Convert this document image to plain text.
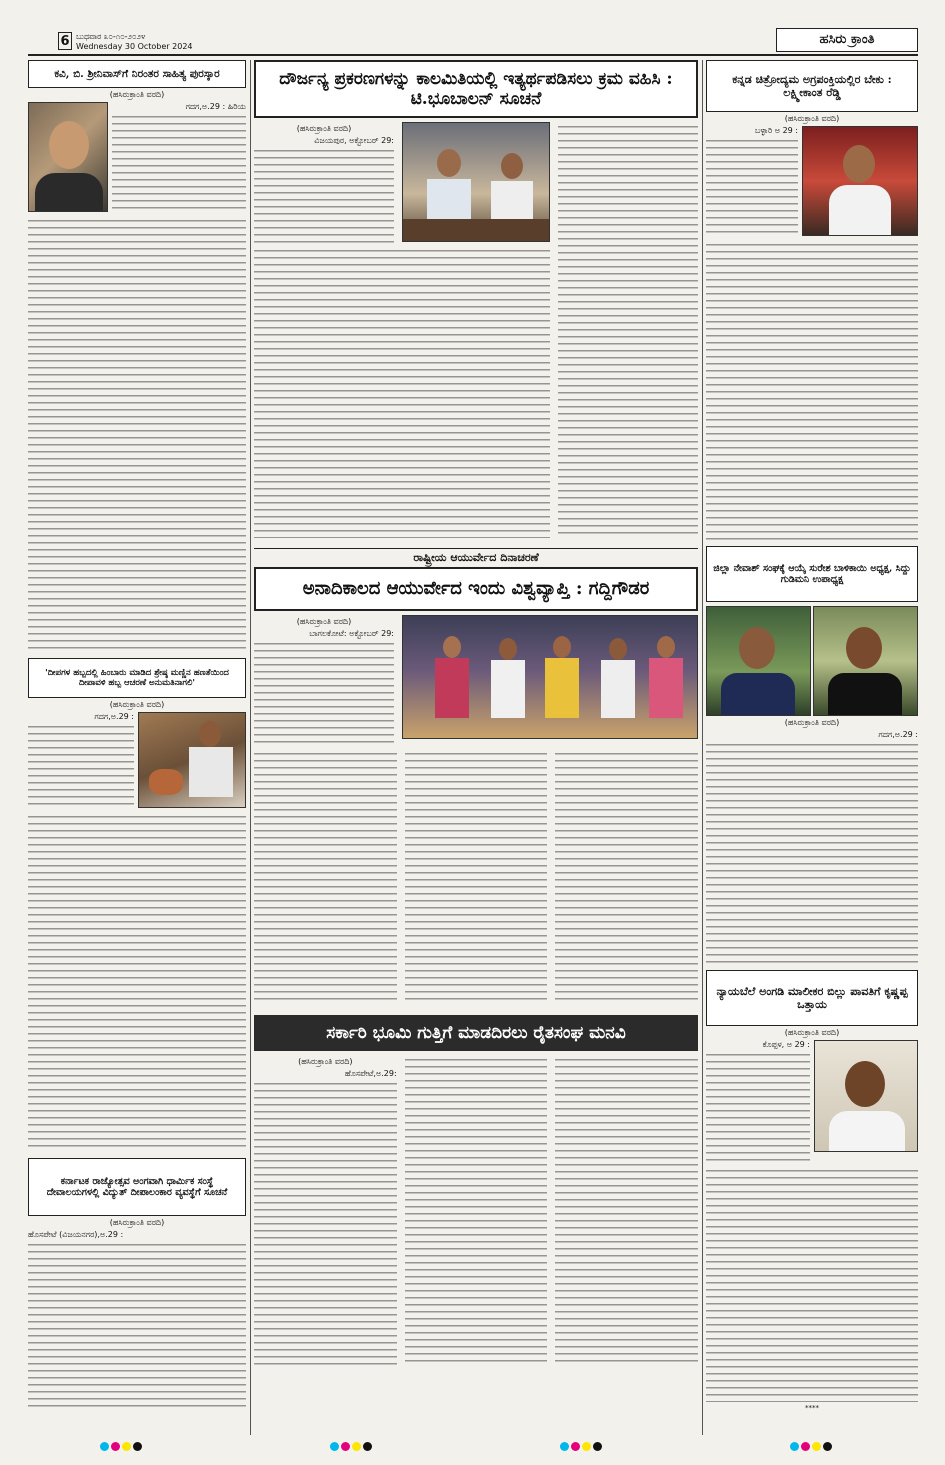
6 ಬುಧವಾರ ೩೦-೧೦-೨೦೨೪
Wednesday 30 October 2024	ಹಸಿರು ಕ್ರಾಂತಿ
ಕವಿ, ಬಿ. ಶ್ರೀನಿವಾಸ್‌ಗೆ ನಿರಂತರ ಸಾಹಿತ್ಯ ಪುರಸ್ಕಾರ
(ಹಸಿರುಕ್ರಾಂತಿ ವರದಿ)
ಗದಗ,ಅ.29 : ಹಿರಿಯ
'ದೀಪಗಳ ಹಬ್ಬದಲ್ಲಿ ಹಿಂಬಾರು ಮಾಡಿದ ಶ್ರೇಷ್ಠ ಮಣ್ಣಿನ ಹಣತೆಯಿಂದ ದೀಪಾವಳಿ ಹಬ್ಬ ಆಚರಣೆ ಅನುಮತಿನಾಗಲಿ'
(ಹಸಿರುಕ್ರಾಂತಿ ವರದಿ)
ಗದಗ,ಅ.29 :
ಕರ್ನಾಟಕ ರಾಜ್ಯೋತ್ಸವ ಅಂಗವಾಗಿ ಧಾರ್ಮಿಕ ಸಂಸ್ಥೆ ದೇವಾಲಯಗಳಲ್ಲಿ ವಿದ್ಯುತ್ ದೀಪಾಲಂಕಾರ ವ್ಯವಸ್ಥೆಗೆ ಸೂಚನೆ
(ಹಸಿರುಕ್ರಾಂತಿ ವರದಿ)
ಹೊಸಪೇಟೆ (ವಿಜಯನಗರ),ಅ.29 :
ದೌರ್ಜನ್ಯ ಪ್ರಕರಣಗಳನ್ನು ಕಾಲಮಿತಿಯಲ್ಲಿ ಇತ್ಯರ್ಥಪಡಿಸಲು ಕ್ರಮ ವಹಿಸಿ : ಟಿ.ಭೂಬಾಲನ್ ಸೂಚನೆ
(ಹಸಿರುಕ್ರಾಂತಿ ವರದಿ)
ವಿಜಯಪುರ, ಅಕ್ಟೋಬರ್ 29:
ರಾಷ್ಟ್ರೀಯ ಆಯುರ್ವೇದ ದಿನಾಚರಣೆ
ಅನಾದಿಕಾಲದ ಆಯುರ್ವೇದ ಇಂದು ವಿಶ್ವವ್ಯಾಪ್ತಿ : ಗದ್ದಿಗೌಡರ
(ಹಸಿರುಕ್ರಾಂತಿ ವರದಿ)
ಬಾಗಲಕೋಟೆ: ಅಕ್ಟೋಬರ್ 29:
ಸರ್ಕಾರಿ ಭೂಮಿ ಗುತ್ತಿಗೆ ಮಾಡದಿರಲು ರೈತಸಂಘ ಮನವಿ
(ಹಸಿರುಕ್ರಾಂತಿ ವರದಿ)
ಹೊಸಪೇಟೆ,ಅ.29:
ಕನ್ನಡ ಚಿತ್ರೋದ್ಯಮ ಅಗ್ರಪಂಕ್ತಿಯಲ್ಲಿರ ಬೇಕು : ಲಕ್ಷ್ಮೀಕಾಂತ ರೆಡ್ಡಿ
(ಹಸಿರುಕ್ರಾಂತಿ ವರದಿ)
ಬಳ್ಳಾರಿ ಅ 29 :
ಜಿಲ್ಲಾ ನೇವಾಶ್ ಸಂಘಕ್ಕೆ ಆಯ್ಕೆ ಸುರೇಶ ಬಾಳಿಕಾಯಿ ಅಧ್ಯಕ್ಷ, ಸಿದ್ದು ಗುಡಿಮನಿ ಉಪಾಧ್ಯಕ್ಷ
(ಹಸಿರುಕ್ರಾಂತಿ ವರದಿ)
ಗದಗ,ಅ.29 :
ನ್ಯಾಯಬೆಲೆ ಅಂಗಡಿ ಮಾಲೀಕರ ಬಿಲ್ಲು ಪಾವತಿಗೆ ಕೃಷ್ಣಪ್ಪ ಒತ್ತಾಯ
(ಹಸಿರುಕ್ರಾಂತಿ ವರದಿ)
ಕೊಪ್ಪಳ, ಅ 29 :
****
